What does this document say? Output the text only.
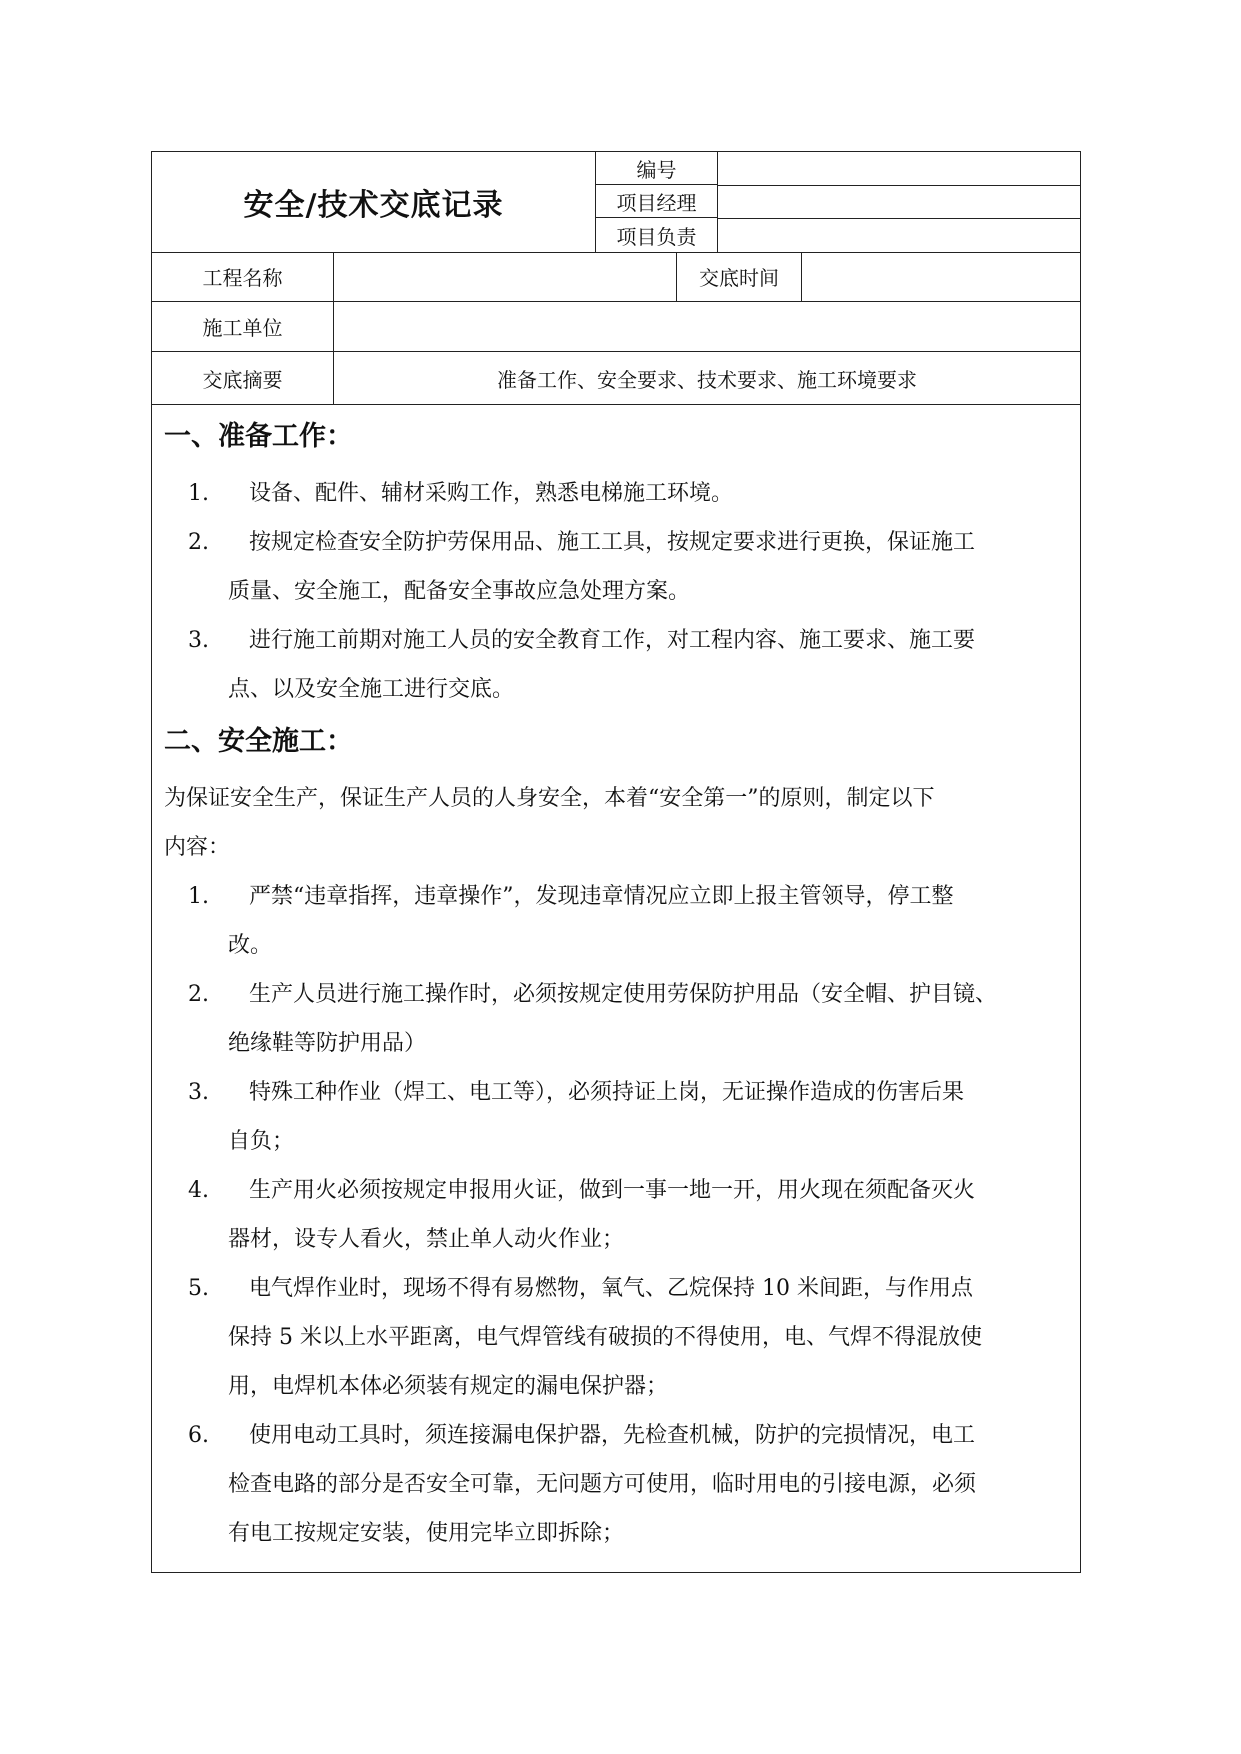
安全/技术交底记录
编号
项目经理
项目负责
工程名称	交底时间
施工单位
交底摘要	准备工作、安全要求、技术要求、施工环境要求
一、准备工作：
1.	设备、配件、辅材采购工作，熟悉电梯施工环境。
2.	按规定检查安全防护劳保用品、施工工具，按规定要求进行更换，保证施工
质量、安全施工，配备安全事故应急处理方案。
3.	进行施工前期对施工人员的安全教育工作，对工程内容、施工要求、施工要
点、以及安全施工进行交底。
二、安全施工：
为保证安全生产，保证生产人员的人身安全，本着“安全第一”的原则，制定以下
内容：
1.	严禁“违章指挥，违章操作”，发现违章情况应立即上报主管领导，停工整
改。
2.	生产人员进行施工操作时，必须按规定使用劳保防护用品（安全帽、护目镜、
绝缘鞋等防护用品）
3.	特殊工种作业（焊工、电工等），必须持证上岗，无证操作造成的伤害后果
自负；
4.	生产用火必须按规定申报用火证，做到一事一地一开，用火现在须配备灭火
器材，设专人看火，禁止单人动火作业；
5.	电气焊作业时，现场不得有易燃物，氧气、乙烷保持 10 米间距，与作用点
保持 5 米以上水平距离，电气焊管线有破损的不得使用，电、气焊不得混放使
用，电焊机本体必须装有规定的漏电保护器；
6.	使用电动工具时，须连接漏电保护器，先检查机械，防护的完损情况，电工
检查电路的部分是否安全可靠，无问题方可使用，临时用电的引接电源，必须
有电工按规定安装，使用完毕立即拆除；
